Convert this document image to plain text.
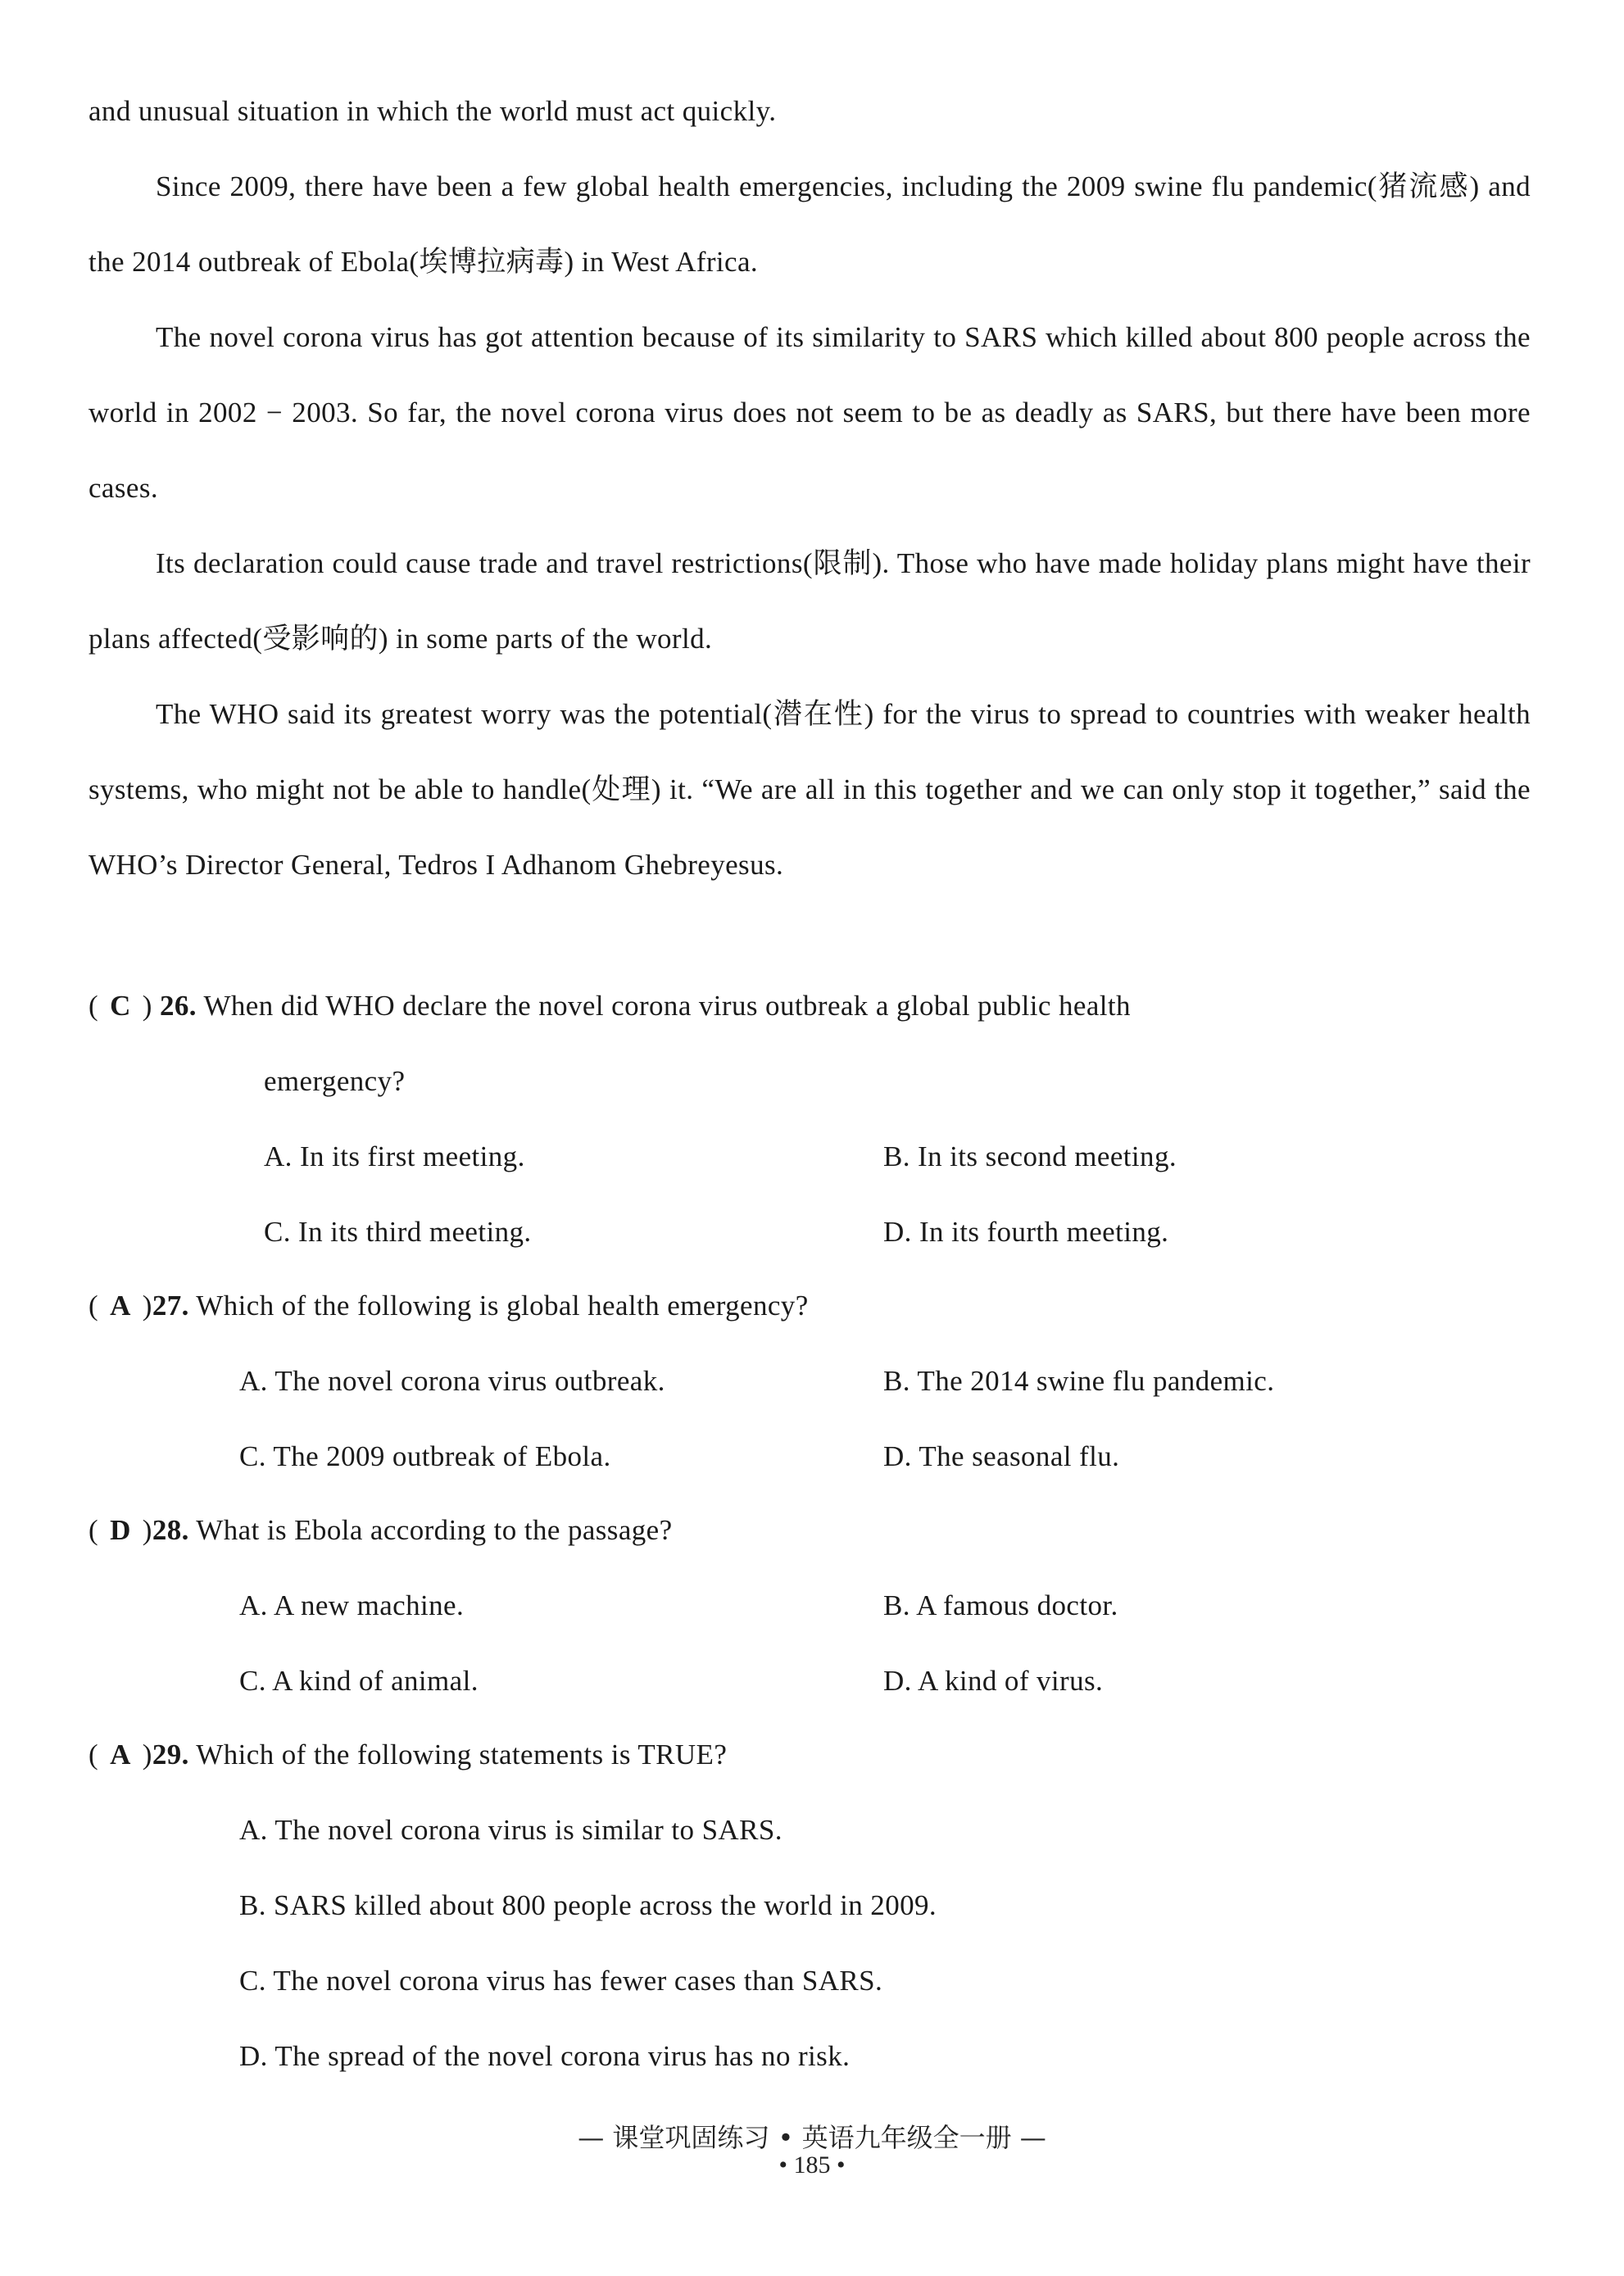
and unusual situation in which the world must act quickly.

Since 2009, there have been a few global health emergencies, including the 2009 swine flu pandemic(猪流感) and the 2014 outbreak of Ebola(埃博拉病毒) in West Africa.

The novel corona virus has got attention because of its similarity to SARS which killed about 800 people across the world in 2002 − 2003. So far, the novel corona virus does not seem to be as deadly as SARS, but there have been more cases.

Its declaration could cause trade and travel restrictions(限制). Those who have made holiday plans might have their plans affected(受影响的) in some parts of the world.

The WHO said its greatest worry was the potential(潜在性) for the virus to spread to countries with weaker health systems, who might not be able to handle(处理) it. “We are all in this together and we can only stop it together,” said the WHO’s Director General, Tedros I Adhanom Ghebreyesus.

( C ) 26. When did WHO declare the novel corona virus outbreak a global public health
emergency?
A. In its first meeting.	B. In its second meeting.
C. In its third meeting.	D. In its fourth meeting.
( A )27. Which of the following is global health emergency?
A. The novel corona virus outbreak.	B. The 2014 swine flu pandemic.
C. The 2009 outbreak of Ebola.	D. The seasonal flu.
( D )28. What is Ebola according to the passage?
A. A new machine.	B. A famous doctor.
C. A kind of animal.	D. A kind of virus.
( A )29. Which of the following statements is TRUE?
A. The novel corona virus is similar to SARS.
B. SARS killed about 800 people across the world in 2009.
C. The novel corona virus has fewer cases than SARS.
D. The spread of the novel corona virus has no risk.
— 课堂巩固练习 • 英语九年级全一册 —
• 185 •
